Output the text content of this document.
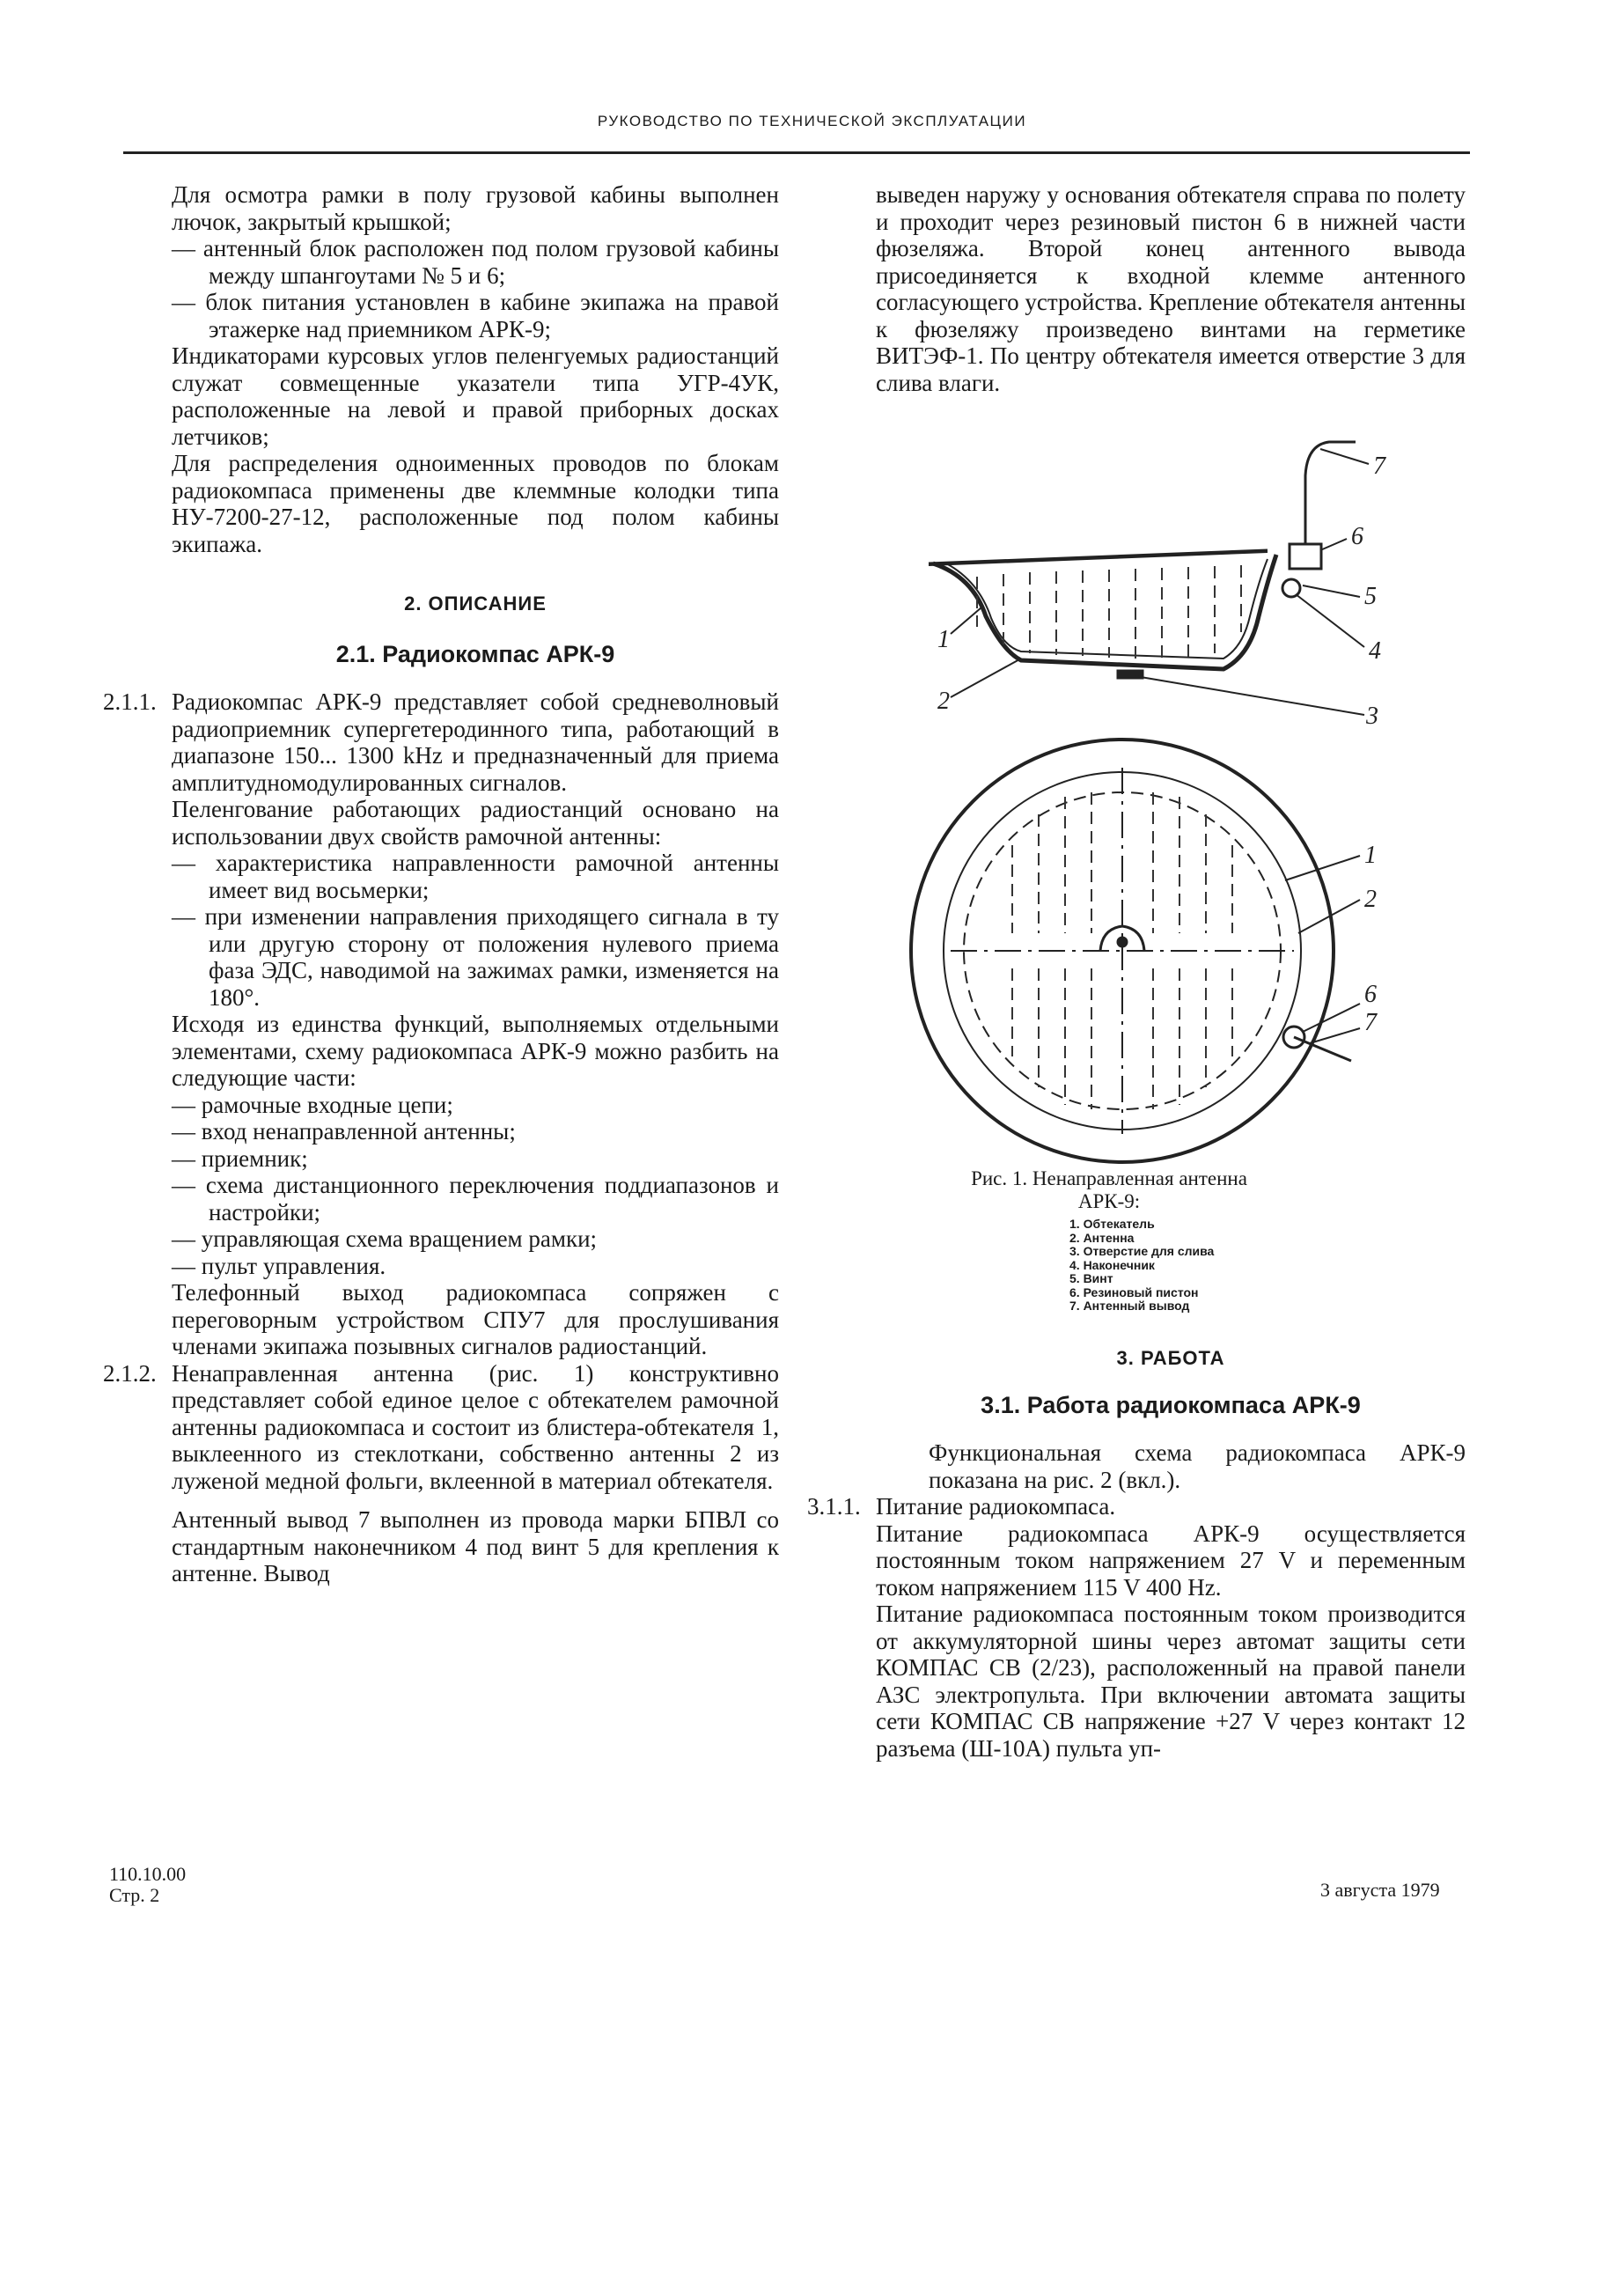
РУКОВОДСТВО ПО ТЕХНИЧЕСКОЙ ЭКСПЛУАТАЦИИ

Для осмотра рамки в полу грузовой кабины выполнен лючок, закрытый крышкой;

— антенный блок расположен под полом грузовой кабины между шпангоутами № 5 и 6;

— блок питания установлен в кабине экипажа на правой этажерке над приемником АРК-9;

Индикаторами курсовых углов пеленгуемых радиостанций служат совмещенные указатели типа УГР-4УК, расположенные на левой и правой приборных досках летчиков;

Для распределения одноименных проводов по блокам радиокомпаса применены две клеммные колодки типа НУ-7200-27-12, расположенные под полом кабины экипажа.

2. ОПИСАНИЕ

2.1. Радиокомпас АРК-9

2.1.1. Радиокомпас АРК-9 представляет собой средневолновый радиоприемник супергетеродинного типа, работающий в диапазоне 150... 1300 kHz и предназначенный для приема амплитудномодулированных сигналов.

Пеленгование работающих радиостанций основано на использовании двух свойств рамочной антенны:

— характеристика направленности рамочной антенны имеет вид восьмерки;

— при изменении направления приходящего сигнала в ту или другую сторону от положения нулевого приема фаза ЭДС, наводимой на зажимах рамки, изменяется на 180°.

Исходя из единства функций, выполняемых отдельными элементами, схему радиокомпаса АРК-9 можно разбить на следующие части:

— рамочные входные цепи;

— вход ненаправленной антенны;

— приемник;

— схема дистанционного переключения поддиапазонов и настройки;

— управляющая схема вращением рамки;

— пульт управления.

Телефонный выход радиокомпаса сопряжен с переговорным устройством СПУ7 для прослушивания членами экипажа позывных сигналов радиостанций.

2.1.2. Ненаправленная антенна (рис. 1) конструктивно представляет собой единое целое с обтекателем рамочной антенны радиокомпаса и состоит из блистера-обтекателя 1, выклеенного из стеклоткани, собственно антенны 2 из луженой медной фольги, вклеенной в материал обтекателя.

Антенный вывод 7 выполнен из провода марки БПВЛ со стандартным наконечником 4 под винт 5 для крепления к антенне. Вывод

выведен наружу у основания обтекателя справа по полету и проходит через резиновый пистон 6 в нижней части фюзеляжа. Второй конец антенного вывода присоединяется к входной клемме антенного согласующего устройства. Крепление обтекателя антенны к фюзеляжу произведено винтами на герметике ВИТЭФ-1. По центру обтекателя имеется отверстие 3 для слива влаги.

7
6
5
4
3
1
2
1
2
6
7
Рис. 1. Ненаправленная антенна
АРК-9:
1. Обтекатель
2. Антенна
3. Отверстие для слива
4. Наконечник
5. Винт
6. Резиновый пистон
7. Антенный вывод

3. РАБОТА

3.1. Работа радиокомпаса АРК-9

Функциональная схема радиокомпаса АРК-9 показана на рис. 2 (вкл.).

3.1.1. Питание радиокомпаса.

Питание радиокомпаса АРК-9 осуществляется постоянным током напряжением 27 V и переменным током напряжением 115 V 400 Hz.

Питание радиокомпаса постоянным током производится от аккумуляторной шины через автомат защиты сети КОМПАС СВ (2/23), расположенный на правой панели АЗС электропульта. При включении автомата защиты сети КОМПАС СВ напряжение +27 V через контакт 12 разъема (Ш-10А) пульта уп-

110.10.00
Стр. 2	3 августа 1979
